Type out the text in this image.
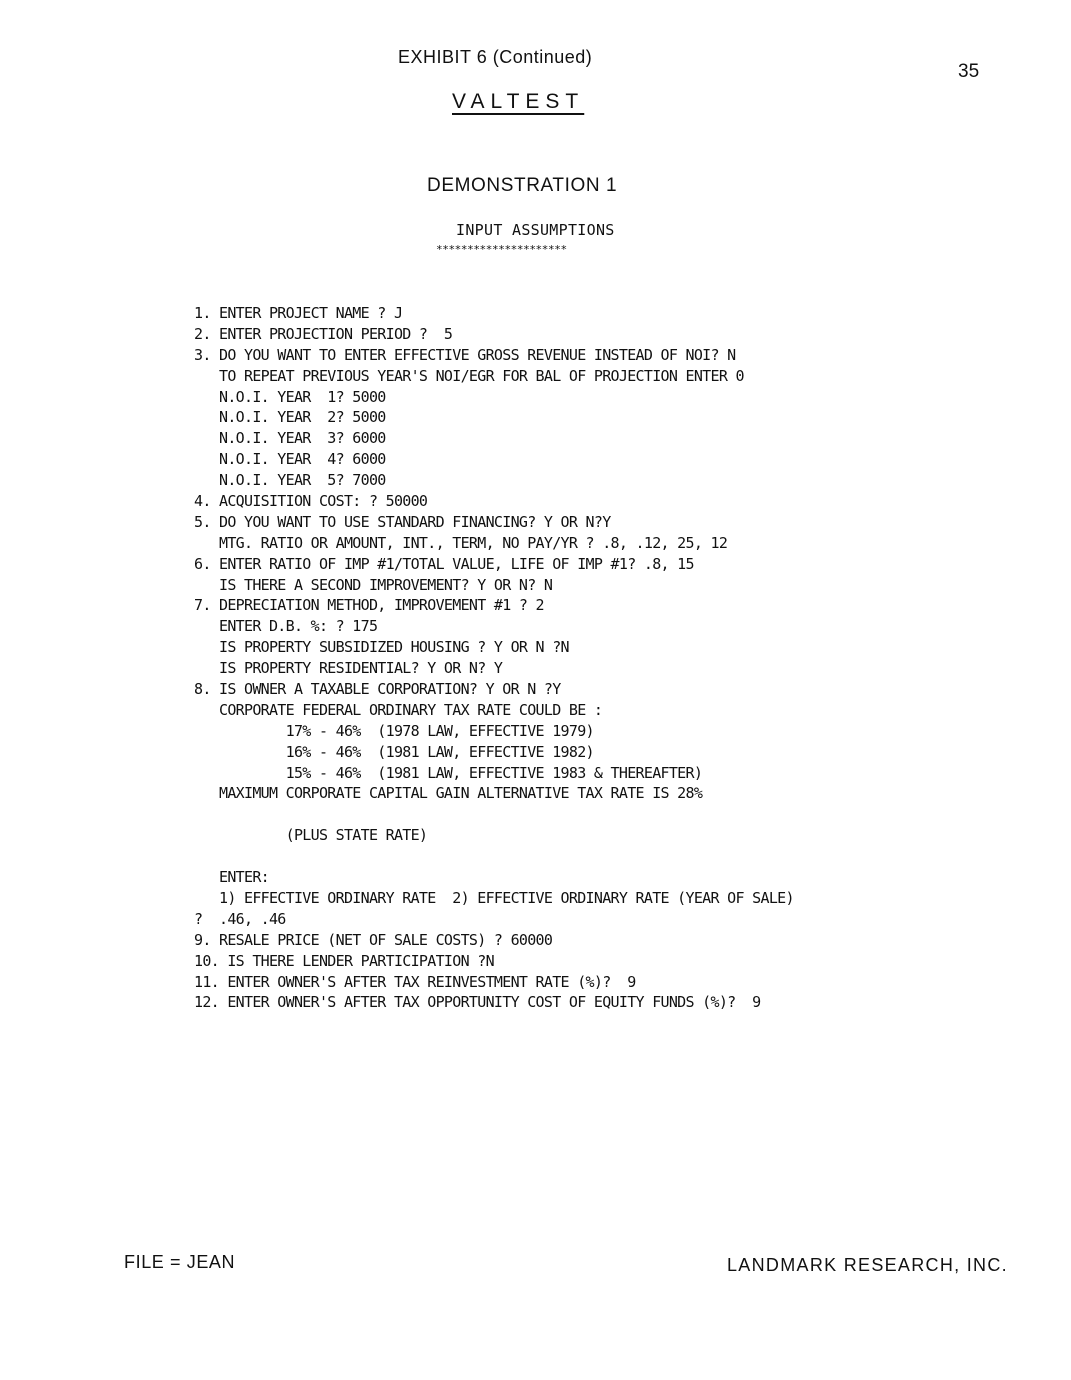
EXHIBIT 6 (Continued)
35
VALTEST
DEMONSTRATION 1
INPUT ASSUMPTIONS
*********************
1. ENTER PROJECT NAME ? J
2. ENTER PROJECTION PERIOD ?  5
3. DO YOU WANT TO ENTER EFFECTIVE GROSS REVENUE INSTEAD OF NOI? N
TO REPEAT PREVIOUS YEAR'S NOI/EGR FOR BAL OF PROJECTION ENTER 0
N.O.I. YEAR  1? 5000
N.O.I. YEAR  2? 5000
N.O.I. YEAR  3? 6000
N.O.I. YEAR  4? 6000
N.O.I. YEAR  5? 7000
4. ACQUISITION COST: ? 50000
5. DO YOU WANT TO USE STANDARD FINANCING? Y OR N?Y
MTG. RATIO OR AMOUNT, INT., TERM, NO PAY/YR ? .8, .12, 25, 12
6. ENTER RATIO OF IMP #1/TOTAL VALUE, LIFE OF IMP #1? .8, 15
IS THERE A SECOND IMPROVEMENT? Y OR N? N
7. DEPRECIATION METHOD, IMPROVEMENT #1 ? 2
ENTER D.B. %: ? 175
IS PROPERTY SUBSIDIZED HOUSING ? Y OR N ?N
IS PROPERTY RESIDENTIAL? Y OR N? Y
8. IS OWNER A TAXABLE CORPORATION? Y OR N ?Y
CORPORATE FEDERAL ORDINARY TAX RATE COULD BE :
17% - 46%  (1978 LAW, EFFECTIVE 1979)
16% - 46%  (1981 LAW, EFFECTIVE 1982)
15% - 46%  (1981 LAW, EFFECTIVE 1983 & THEREAFTER)
MAXIMUM CORPORATE CAPITAL GAIN ALTERNATIVE TAX RATE IS 28%
(PLUS STATE RATE)
ENTER:
1) EFFECTIVE ORDINARY RATE  2) EFFECTIVE ORDINARY RATE (YEAR OF SALE)
?  .46, .46
9. RESALE PRICE (NET OF SALE COSTS) ? 60000
10. IS THERE LENDER PARTICIPATION ?N
11. ENTER OWNER'S AFTER TAX REINVESTMENT RATE (%)?  9
12. ENTER OWNER'S AFTER TAX OPPORTUNITY COST OF EQUITY FUNDS (%)?  9
FILE = JEAN	LANDMARK RESEARCH, INC.
